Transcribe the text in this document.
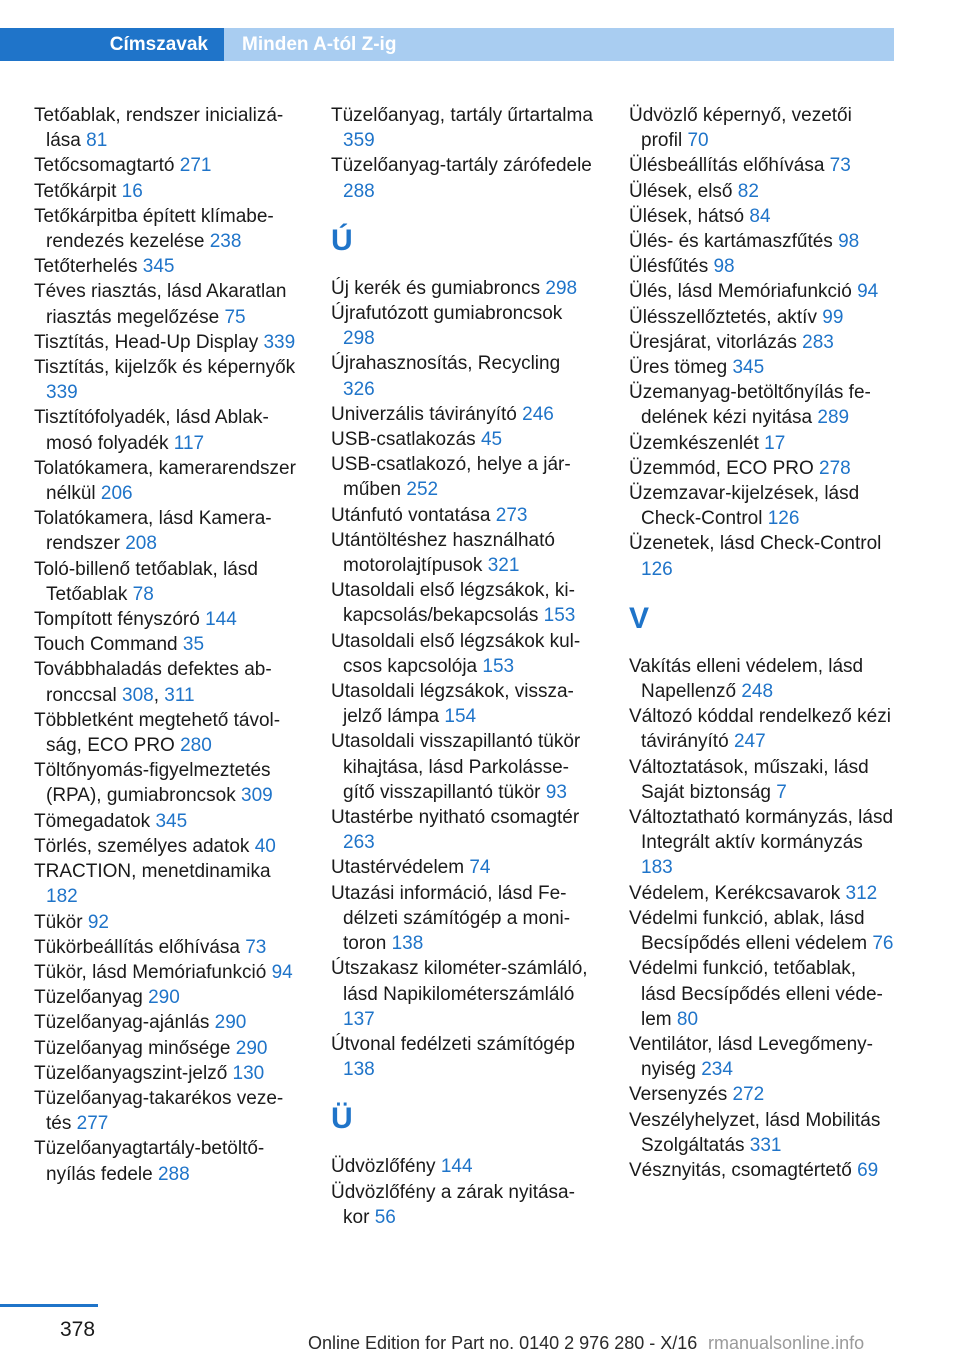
Címszavak	Minden A-tól Z-ig
Tetőablak, rendszer inicializálása 81
Tetőcsomagtartó 271
Tetőkárpit 16
Tetőkárpitba épített klímaberendezés kezelése 238
Tetőterhelés 345
Téves riasztás, lásd Akaratlan riasztás megelőzése 75
Tisztítás, Head-Up Display 339
Tisztítás, kijelzők és képernyők 339
Tisztítófolyadék, lásd Ablakmosó folyadék 117
Tolatókamera, kamerarendszer nélkül 206
Tolatókamera, lásd Kamerarendszer 208
Toló-billenő tetőablak, lásd Tetőablak 78
Tompított fényszóró 144
Touch Command 35
Továbbhaladás defektes abronccsal 308, 311
Többletként megtehető távolság, ECO PRO 280
Töltőnyomás-figyelmeztetés (RPA), gumiabroncsok 309
Tömegadatok 345
Törlés, személyes adatok 40
TRACTION, menetdinamika 182
Tükör 92
Tükörbeállítás előhívása 73
Tükör, lásd Memóriafunkció 94
Tüzelőanyag 290
Tüzelőanyag-ajánlás 290
Tüzelőanyag minősége 290
Tüzelőanyagszint-jelző 130
Tüzelőanyag-takarékos vezetés 277
Tüzelőanyagtartály-betöltőnyílás fedele 288
Tüzelőanyag, tartály űrtartalma 359
Tüzelőanyag-tartály zárófedele 288
Ú
Új kerék és gumiabroncs 298
Újrafutózott gumiabroncsok 298
Újrahasznosítás, Recycling 326
Univerzális távirányító 246
USB-csatlakozás 45
USB-csatlakozó, helye a járműben 252
Utánfutó vontatása 273
Utántöltéshez használható motorolajtípusok 321
Utasoldali első légzsákok, kikapcsolás/bekapcsolás 153
Utasoldali első légzsákok kulcsos kapcsolója 153
Utasoldali légzsákok, visszajelző lámpa 154
Utasoldali visszapillantó tükör kihajtása, lásd Parkolássegítő visszapillantó tükör 93
Utastérbe nyitható csomagtér 263
Utastérvédelem 74
Utazási információ, lásd Fedélzeti számítógép a monitoron 138
Útszakasz kilométer-számláló, lásd Napikilométerszámláló 137
Útvonal fedélzeti számítógép 138
Ü
Üdvözlőfény 144
Üdvözlőfény a zárak nyitásakor 56
Üdvözlő képernyő, vezetői profil 70
Ülésbeállítás előhívása 73
Ülések, első 82
Ülések, hátsó 84
Ülés- és kartámaszfűtés 98
Ülésfűtés 98
Ülés, lásd Memóriafunkció 94
Ülésszellőztetés, aktív 99
Üresjárat, vitorlázás 283
Üres tömeg 345
Üzemanyag-betöltőnyílás fedelének kézi nyitása 289
Üzemkészenlét 17
Üzemmód, ECO PRO 278
Üzemzavar-kijelzések, lásd Check-Control 126
Üzenetek, lásd Check-Control 126
V
Vakítás elleni védelem, lásd Napellenző 248
Változó kóddal rendelkező kézi távirányító 247
Változtatások, műszaki, lásd Saját biztonság 7
Változtatható kormányzás, lásd Integrált aktív kormányzás 183
Védelem, Kerékcsavarok 312
Védelmi funkció, ablak, lásd Becsípődés elleni védelem 76
Védelmi funkció, tetőablak, lásd Becsípődés elleni védelem 80
Ventilátor, lásd Levegőmenynyiség 234
Versenyzés 272
Veszélyhelyzet, lásd Mobilitás Szolgáltatás 331
Vésznyitás, csomagtértető 69
378
Online Edition for Part no. 0140 2 976 280 - X/16 rmanualsonline.info
